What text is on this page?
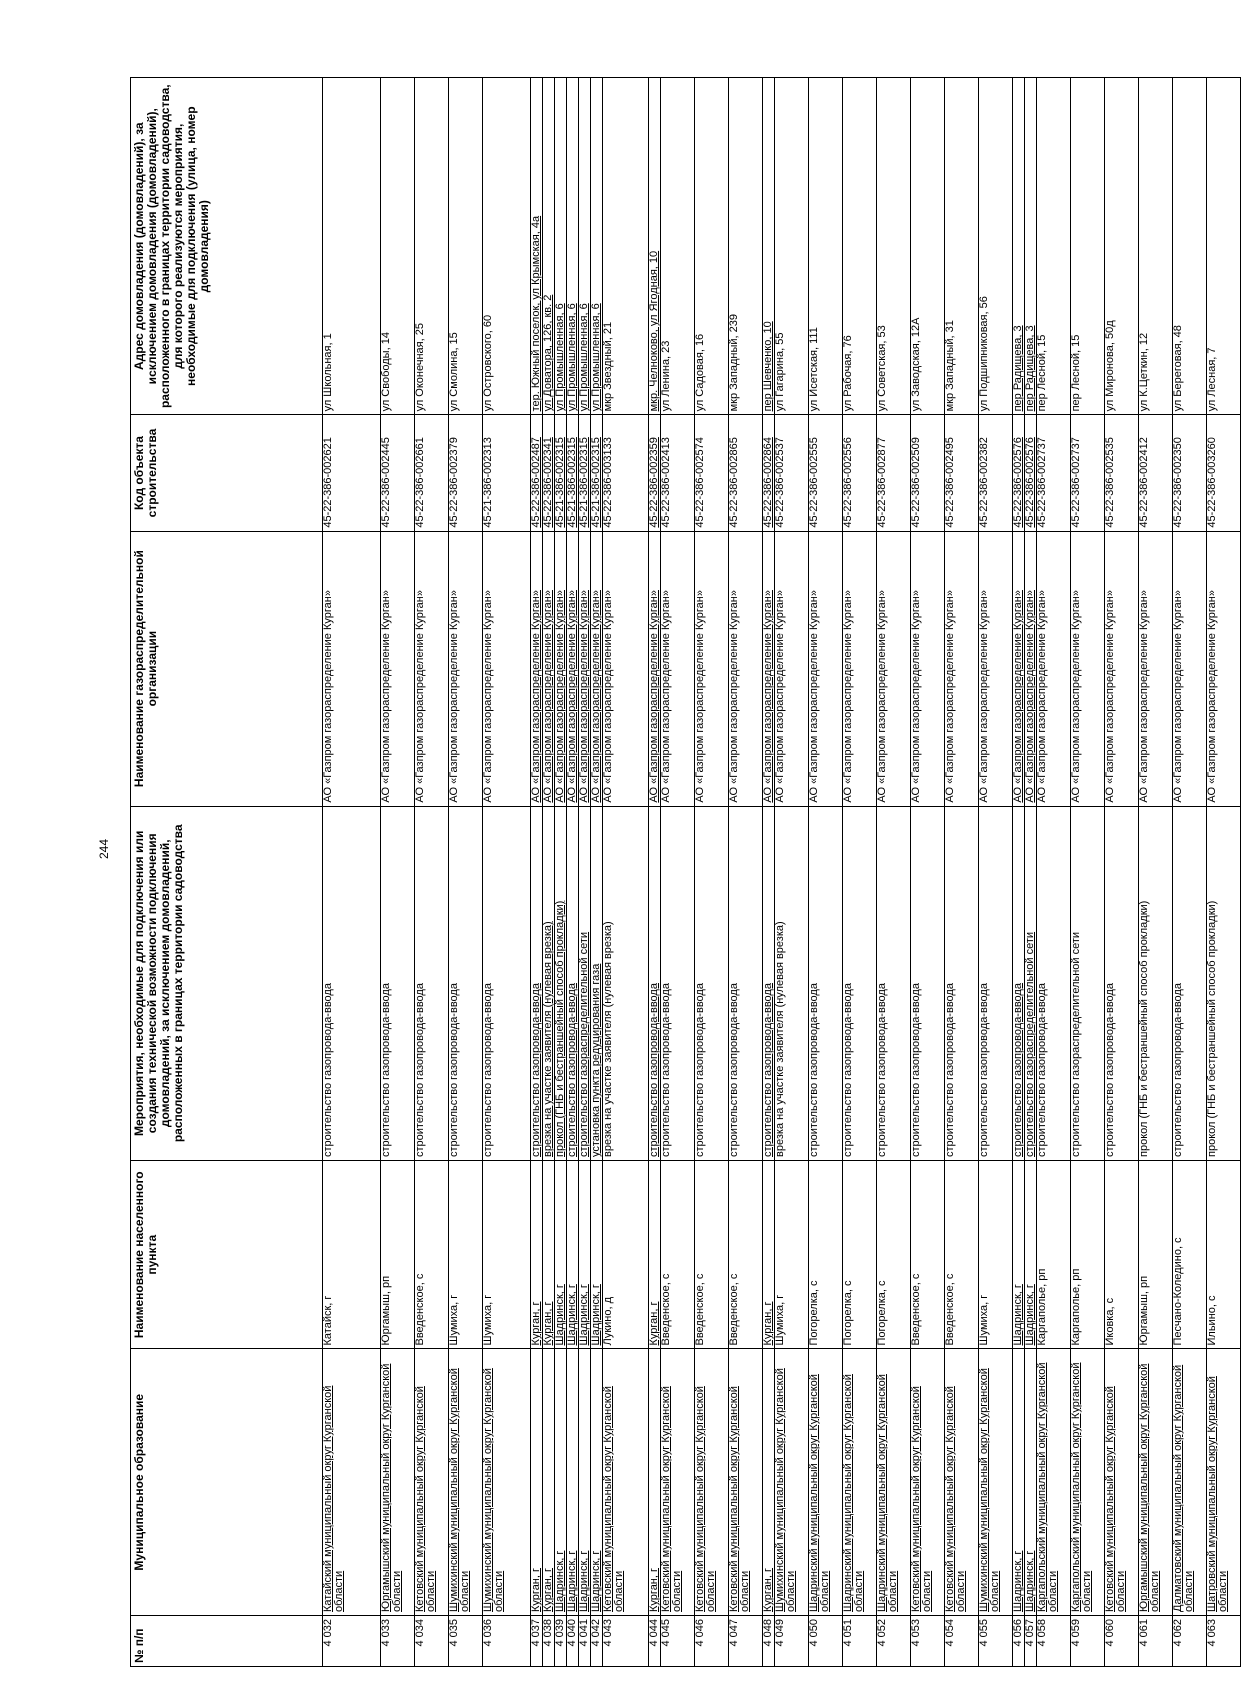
244
№ п/п	Муниципальное образование	Наименование населенного пункта	Мероприятия, необходимые для подключения или создания технической возможности подключения домовладений, за исключением домовладений, расположенных в границах территории садоводства	Наименование газораспределительной организации	Код объекта строительства	Адрес домовладения (домовладений), за исключением домовладения (домовладений), расположенного в границах территории садоводства, для которого реализуются мероприятия, необходимые для подключения (улица, номер домовладения)
4 032	Катайский муниципальный округ Курганской области	Катайск, г	строительство газопровода-ввода	АО «Газпром газораспределение Курган»	45-22-386-002621	ул Школьная, 1
4 033	Юргамышский муниципальный округ Курганской области	Юргамыш, рп	строительство газопровода-ввода	АО «Газпром газораспределение Курган»	45-22-386-002445	ул Свободы, 14
4 034	Кетовский муниципальный округ Курганской области	Введенское, с	строительство газопровода-ввода	АО «Газпром газораспределение Курган»	45-22-386-002661	ул Оконечная, 25
4 035	Шумихинский муниципальный округ Курганской области	Шумиха, г	строительство газопровода-ввода	АО «Газпром газораспределение Курган»	45-22-386-002379	ул Смолина, 15
4 036	Шумихинский муниципальный округ Курганской области	Шумиха, г	строительство газопровода-ввода	АО «Газпром газораспределение Курган»	45-21-386-002313	ул Островского, 60
4 037	Курган, г	Курган, г	строительство газопровода-ввода	АО «Газпром газораспределение Курган»	45-22-386-002487	тер. Южный поселок, ул Крымская, 4а
4 038	Курган, г	Курган, г	врезка на участке заявителя (нулевая врезка)	АО «Газпром газораспределение Курган»	45-22-386-002341	ул Доватора, 126, кв. 2
4 039	Шадринск, г	Шадринск, г	прокол (ГНБ и бестраншейный способ прокладки)	АО «Газпром газораспределение Курган»	45-21-386-002315	ул Промышленная, 6
4 040	Шадринск, г	Шадринск, г	строительство газопровода-ввода	АО «Газпром газораспределение Курган»	45-21-386-002315	ул Промышленная, 6
4 041	Шадринск, г	Шадринск, г	строительство газораспределительной сети	АО «Газпром газораспределение Курган»	45-21-386-002315	ул Промышленная, 6
4 042	Шадринск, г	Шадринск, г	установка пункта редуцирования газа	АО «Газпром газораспределение Курган»	45-21-386-002315	ул Промышленная, 6
4 043	Кетовский муниципальный округ Курганской области	Лукино, д	врезка на участке заявителя (нулевая врезка)	АО «Газпром газораспределение Курган»	45-22-386-003133	мкр Звездный, 21
4 044	Курган, г	Курган, г	строительство газопровода-ввода	АО «Газпром газораспределение Курган»	45-22-386-002359	мкр. Челноково, ул Ягодная, 10
4 045	Кетовский муниципальный округ Курганской области	Введенское, с	строительство газопровода-ввода	АО «Газпром газораспределение Курган»	45-22-386-002413	ул Ленина, 23
4 046	Кетовский муниципальный округ Курганской области	Введенское, с	строительство газопровода-ввода	АО «Газпром газораспределение Курган»	45-22-386-002574	ул Садовая, 16
4 047	Кетовский муниципальный округ Курганской области	Введенское, с	строительство газопровода-ввода	АО «Газпром газораспределение Курган»	45-22-386-002865	мкр Западный, 239
4 048	Курган, г	Курган, г	строительство газопровода-ввода	АО «Газпром газораспределение Курган»	45-22-386-002864	пер Шевченко, 10
4 049	Шумихинский муниципальный округ Курганской области	Шумиха, г	врезка на участке заявителя (нулевая врезка)	АО «Газпром газораспределение Курган»	45-22-386-002537	ул Гагарина, 55
4 050	Шадринский муниципальный округ Курганской области	Погорелка, с	строительство газопровода-ввода	АО «Газпром газораспределение Курган»	45-22-386-002555	ул Исетская, 111
4 051	Шадринский муниципальный округ Курганской области	Погорелка, с	строительство газопровода-ввода	АО «Газпром газораспределение Курган»	45-22-386-002556	ул Рабочая, 76
4 052	Шадринский муниципальный округ Курганской области	Погорелка, с	строительство газопровода-ввода	АО «Газпром газораспределение Курган»	45-22-386-002877	ул Советская, 53
4 053	Кетовский муниципальный округ Курганской области	Введенское, с	строительство газопровода-ввода	АО «Газпром газораспределение Курган»	45-22-386-002509	ул Заводская, 12А
4 054	Кетовский муниципальный округ Курганской области	Введенское, с	строительство газопровода-ввода	АО «Газпром газораспределение Курган»	45-22-386-002495	мкр Западный, 31
4 055	Шумихинский муниципальный округ Курганской области	Шумиха, г	строительство газопровода-ввода	АО «Газпром газораспределение Курган»	45-22-386-002382	ул Подшипниковая, 56
4 056	Шадринск, г	Шадринск, г	строительство газопровода-ввода	АО «Газпром газораспределение Курган»	45-22-386-002576	пер Радищева, 3
4 057	Шадринск, г	Шадринск, г	строительство газораспределительной сети	АО «Газпром газораспределение Курган»	45-22-386-002576	пер Радищева, 3
4 058	Каргапольский муниципальный округ Курганской области	Каргаполье, рп	строительство газопровода-ввода	АО «Газпром газораспределение Курган»	45-22-386-002737	пер Лесной, 15
4 059	Каргапольский муниципальный округ Курганской области	Каргаполье, рп	строительство газораспределительной сети	АО «Газпром газораспределение Курган»	45-22-386-002737	пер Лесной, 15
4 060	Кетовский муниципальный округ Курганской области	Иковка, с	строительство газопровода-ввода	АО «Газпром газораспределение Курган»	45-22-386-002535	ул Миронова, 50д
4 061	Юргамышский муниципальный округ Курганской области	Юргамыш, рп	прокол (ГНБ и бестраншейный способ прокладки)	АО «Газпром газораспределение Курган»	45-22-386-002412	ул К.Цеткин, 12
4 062	Далматовский муниципальный округ Курганской области	Песчано-Коледино, с	строительство газопровода-ввода	АО «Газпром газораспределение Курган»	45-22-386-002350	ул Береговая, 48
4 063	Шатровский муниципальный округ Курганской области	Ильино, с	прокол (ГНБ и бестраншейный способ прокладки)	АО «Газпром газораспределение Курган»	45-22-386-003260	ул Лесная, 7
